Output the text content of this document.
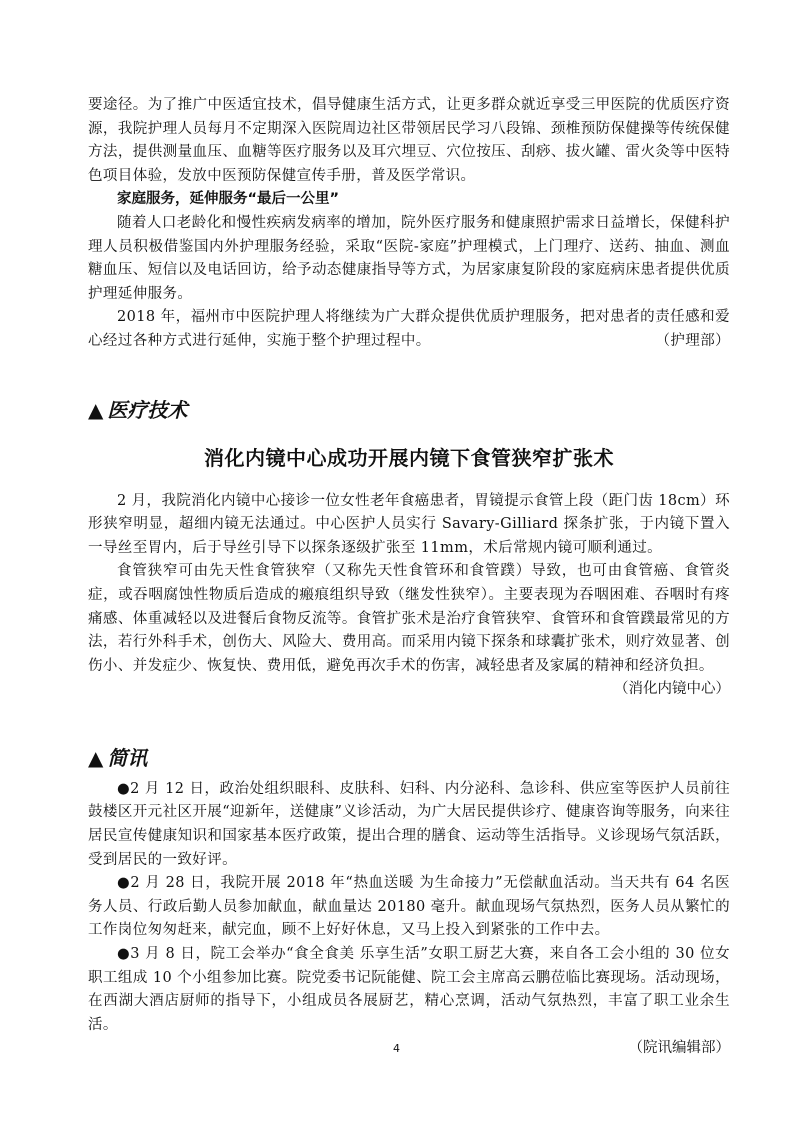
要途径。为了推广中医适宜技术，倡导健康生活方式，让更多群众就近享受三甲医院的优质医疗资源，我院护理人员每月不定期深入医院周边社区带领居民学习八段锦、颈椎预防保健操等传统保健方法，提供测量血压、血糖等医疗服务以及耳穴埋豆、穴位按压、刮痧、拔火罐、雷火灸等中医特色项目体验，发放中医预防保健宣传手册，普及医学常识。

家庭服务，延伸服务“最后一公里”

随着人口老龄化和慢性疾病发病率的增加，院外医疗服务和健康照护需求日益增长，保健科护理人员积极借鉴国内外护理服务经验，采取“医院-家庭”护理模式，上门理疗、送药、抽血、测血糖血压、短信以及电话回访，给予动态健康指导等方式，为居家康复阶段的家庭病床患者提供优质护理延伸服务。

2018 年，福州市中医院护理人将继续为广大群众提供优质护理服务，把对患者的责任感和爱心经过各种方式进行延伸，实施于整个护理过程中。	（护理部）

▲ 医疗技术
消化内镜中心成功开展内镜下食管狭窄扩张术

2 月，我院消化内镜中心接诊一位女性老年食癌患者，胃镜提示食管上段（距门齿 18cm）环形狭窄明显，超细内镜无法通过。中心医护人员实行 Savary-Gilliard 探条扩张，于内镜下置入一导丝至胃内，后于导丝引导下以探条逐级扩张至 11mm，术后常规内镜可顺利通过。

食管狭窄可由先天性食管狭窄（又称先天性食管环和食管蹼）导致，也可由食管癌、食管炎症，或吞咽腐蚀性物质后造成的瘢痕组织导致（继发性狭窄）。主要表现为吞咽困难、吞咽时有疼痛感、体重减轻以及进餐后食物反流等。食管扩张术是治疗食管狭窄、食管环和食管蹼最常见的方法，若行外科手术，创伤大、风险大、费用高。而采用内镜下探条和球囊扩张术，则疗效显著、创伤小、并发症少、恢复快、费用低，避免再次手术的伤害，减轻患者及家属的精神和经济负担。

（消化内镜中心）
▲ 简讯

●2 月 12 日，政治处组织眼科、皮肤科、妇科、内分泌科、急诊科、供应室等医护人员前往鼓楼区开元社区开展“迎新年，送健康”义诊活动，为广大居民提供诊疗、健康咨询等服务，向来往居民宣传健康知识和国家基本医疗政策，提出合理的膳食、运动等生活指导。义诊现场气氛活跃，受到居民的一致好评。

●2 月 28 日，我院开展 2018 年“热血送暖 为生命接力”无偿献血活动。当天共有 64 名医务人员、行政后勤人员参加献血，献血量达 20180 毫升。献血现场气氛热烈，医务人员从繁忙的工作岗位匆匆赶来，献完血，顾不上好好休息，又马上投入到紧张的工作中去。

●3 月 8 日，院工会举办“食全食美 乐享生活”女职工厨艺大赛，来自各工会小组的 30 位女职工组成 10 个小组参加比赛。院党委书记阮能健、院工会主席高云鹏莅临比赛现场。活动现场，在西湖大酒店厨师的指导下，小组成员各展厨艺，精心烹调，活动气氛热烈，丰富了职工业余生活。

（院讯编辑部）
4
